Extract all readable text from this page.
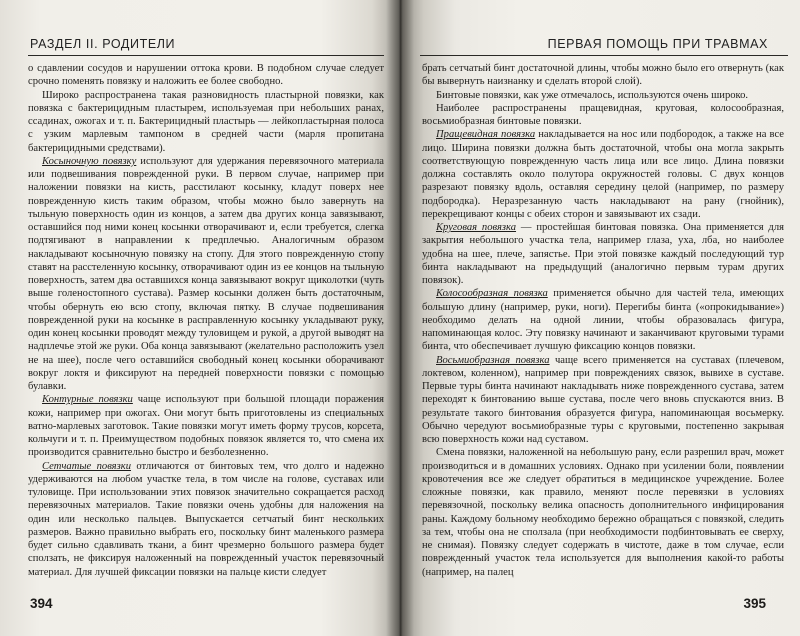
РАЗДЕЛ II. РОДИТЕЛИ

о сдавлении сосудов и нарушении оттока крови. В подобном случае следует срочно поменять повязку и наложить ее более свободно.

Широко распространена такая разновидность пластырной повязки, как повязка с бактерицидным пластырем, используемая при небольших ранах, ссадинах, ожогах и т. п. Бактерицидный пластырь — лейкопластырная полоса с узким марлевым тампоном в средней части (марля пропитана бактерицидными средствами).

Косыночную повязку используют для удержания перевязочного материала или подвешивания поврежденной руки. В первом случае, например при наложении повязки на кисть, расстилают косынку, кладут поверх нее поврежденную кисть таким образом, чтобы можно было завернуть на тыльную поверхность один из концов, а затем два других конца завязывают, оставшийся под ними конец косынки отворачивают и, если требуется, слегка подтягивают в направлении к предплечью. Аналогичным образом накладывают косыночную повязку на стопу. Для этого поврежденную стопу ставят на расстеленную косынку, отворачивают один из ее концов на тыльную поверхность, затем два оставшихся конца завязывают вокруг щиколотки (чуть выше голеностопного сустава). Размер косынки должен быть достаточным, чтобы обернуть ею всю стопу, включая пятку. В случае подвешивания поврежденной руки на косынке в расправленную косынку укладывают руку, один конец косынки проводят между туловищем и рукой, а другой выводят на надплечье этой же руки. Оба конца завязывают (желательно расположить узел не на шее), после чего оставшийся свободный конец косынки оборачивают вокруг локтя и фиксируют на передней поверхности повязки с помощью булавки.

Контурные повязки чаще используют при большой площади поражения кожи, например при ожогах. Они могут быть приготовлены из специальных ватно-марлевых заготовок. Такие повязки могут иметь форму трусов, корсета, кольчуги и т. п. Преимуществом подобных повязок является то, что смена их производится сравнительно быстро и безболезненно.

Сетчатые повязки отличаются от бинтовых тем, что долго и надежно удерживаются на любом участке тела, в том числе на голове, суставах или туловище. При использовании этих повязок значительно сокращается расход перевязочных материалов. Такие повязки очень удобны для наложения на один или несколько пальцев. Выпускается сетчатый бинт нескольких размеров. Важно правильно выбрать его, поскольку бинт маленького размера будет сильно сдавливать ткани, а бинт чрезмерно большого размера будет сползать, не фиксируя наложенный на поврежденный участок перевязочный материал. Для лучшей фиксации повязки на пальце кисти следует

394
ПЕРВАЯ ПОМОЩЬ ПРИ ТРАВМАХ

брать сетчатый бинт достаточной длины, чтобы можно было его отвернуть (как бы вывернуть наизнанку и сделать второй слой).

Бинтовые повязки, как уже отмечалось, используются очень широко.

Наиболее распространены пращевидная, круговая, колосообразная, восьмиобразная бинтовые повязки.

Пращевидная повязка накладывается на нос или подбородок, а также на все лицо. Ширина повязки должна быть достаточной, чтобы она могла закрыть соответствующую поврежденную часть лица или все лицо. Длина повязки должна составлять около полутора окружностей головы. С двух концов разрезают повязку вдоль, оставляя середину целой (например, по размеру подбородка). Неразрезанную часть накладывают на рану (гнойник), перекрещивают концы с обеих сторон и завязывают их сзади.

Круговая повязка — простейшая бинтовая повязка. Она применяется для закрытия небольшого участка тела, например глаза, уха, лба, но наиболее удобна на шее, плече, запястье. При этой повязке каждый последующий тур бинта накладывают на предыдущий (аналогично первым турам других повязок).

Колосообразная повязка применяется обычно для частей тела, имеющих большую длину (например, руки, ноги). Перегибы бинта («опрокидывание») необходимо делать на одной линии, чтобы образовалась фигура, напоминающая колос. Эту повязку начинают и заканчивают круговыми турами бинта, что обеспечивает лучшую фиксацию концов повязки.

Восьмиобразная повязка чаще всего применяется на суставах (плечевом, локтевом, коленном), например при повреждениях связок, вывихе в суставе. Первые туры бинта начинают накладывать ниже поврежденного сустава, затем переходят к бинтованию выше сустава, после чего вновь спускаются вниз. В результате такого бинтования образуется фигура, напоминающая восьмерку. Обычно чередуют восьмиобразные туры с круговыми, постепенно закрывая всю поверхность кожи над суставом.

Смена повязки, наложенной на небольшую рану, если разрешил врач, может производиться и в домашних условиях. Однако при усилении боли, появлении кровотечения все же следует обратиться в медицинское учреждение. Более сложные повязки, как правило, меняют после перевязки в условиях перевязочной, поскольку велика опасность дополнительного инфицирования раны. Каждому больному необходимо бережно обращаться с повязкой, следить за тем, чтобы она не сползала (при необходимости подбинтовывать ее сверху, не снимая). Повязку следует содержать в чистоте, даже в том случае, если поврежденный участок тела используется для выполнения какой-то работы (например, на палец

395
